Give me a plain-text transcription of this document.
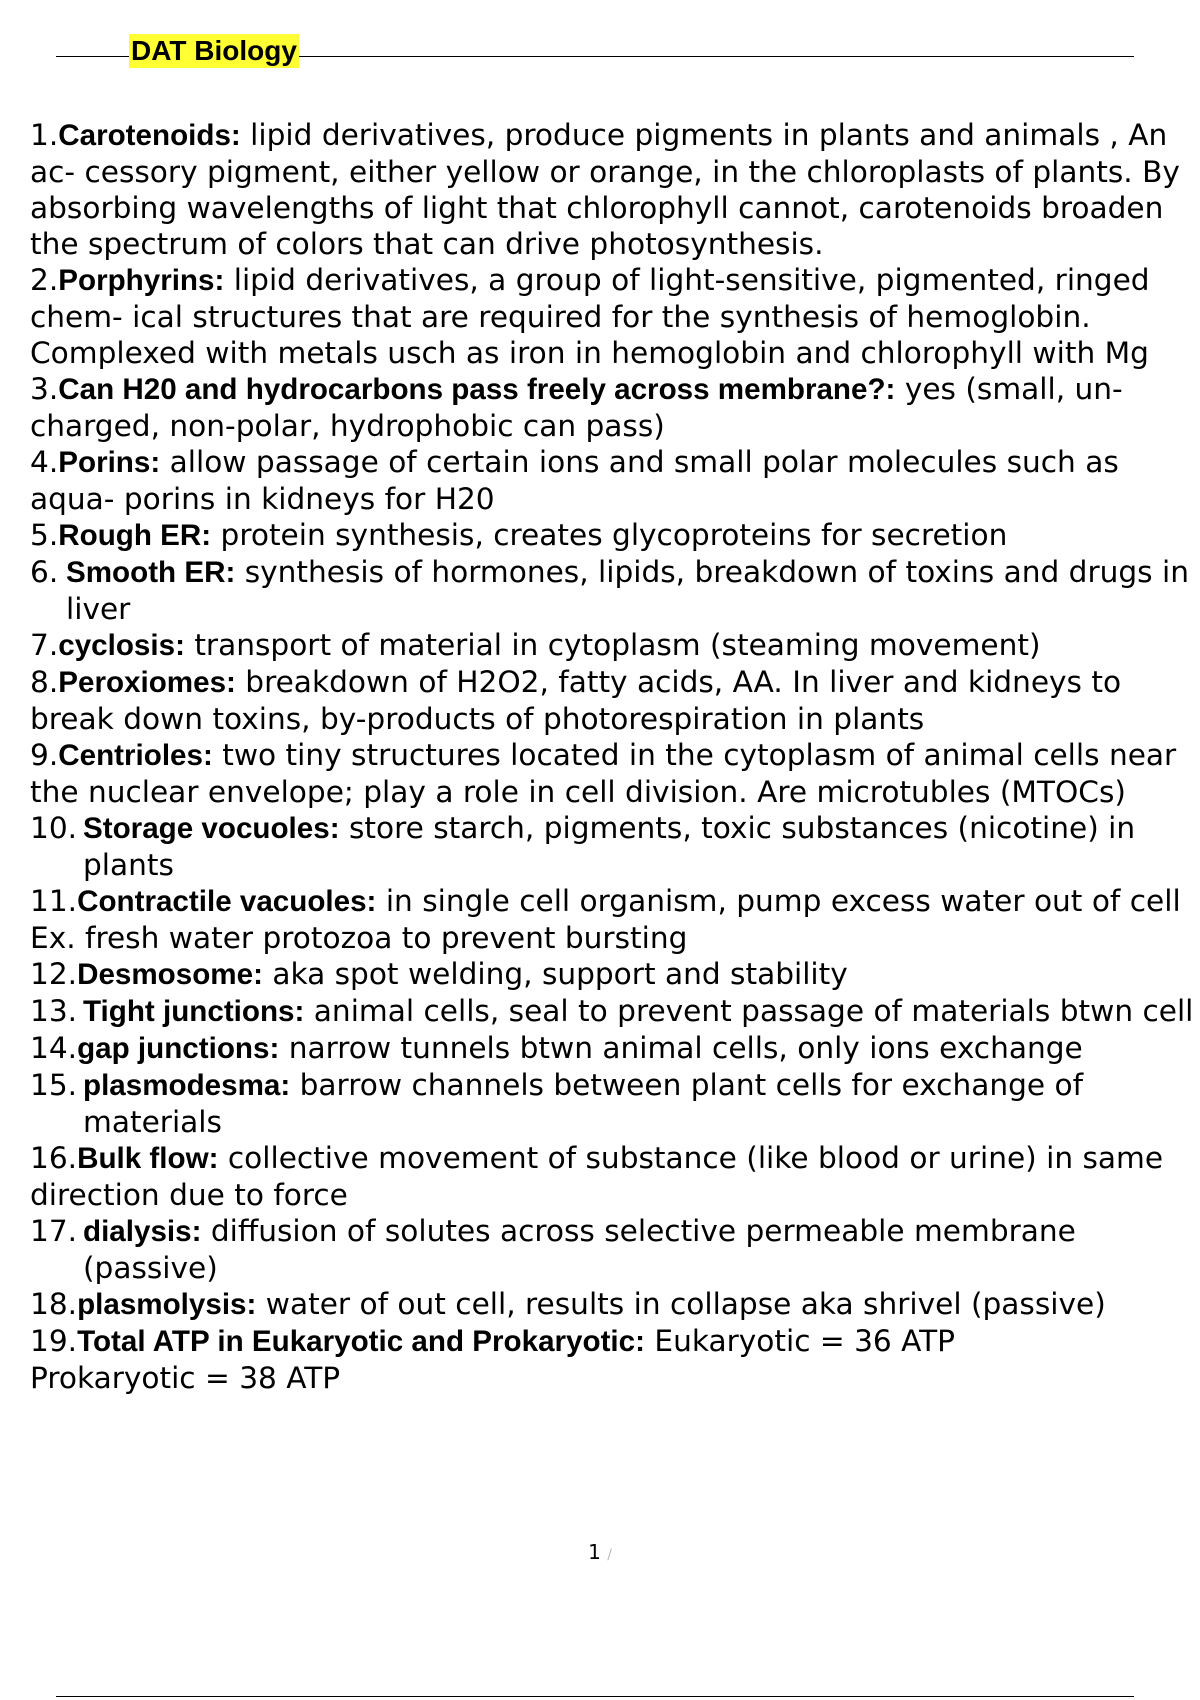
DAT Biology

1.Carotenoids: lipid derivatives, produce pigments in plants and animals , An ac- cessory pigment, either yellow or orange, in the chloroplasts of plants. By absorbing wavelengths of light that chlorophyll cannot, carotenoids broaden the spectrum of colors that can drive photosynthesis.

2.Porphyrins: lipid derivatives, a group of light-sensitive, pigmented, ringed chem- ical structures that are required for the synthesis of hemoglobin. Complexed with metals usch as iron in hemoglobin and chlorophyll with Mg

3.Can H20 and hydrocarbons pass freely across membrane?: yes (small, un- charged, non-polar, hydrophobic can pass)

4.Porins: allow passage of certain ions and small polar molecules such as aqua- porins in kidneys for H20

5.Rough ER: protein synthesis, creates glycoproteins for secretion

6. Smooth ER: synthesis of hormones, lipids, breakdown of toxins and drugs in liver

7.cyclosis: transport of material in cytoplasm (steaming movement)

8.Peroxiomes: breakdown of H2O2, fatty acids, AA. In liver and kidneys to break down toxins, by-products of photorespiration in plants

9.Centrioles: two tiny structures located in the cytoplasm of animal cells near the nuclear envelope; play a role in cell division. Are microtubles (MTOCs)

10. Storage vocuoles: store starch, pigments, toxic substances (nicotine) in plants

11.Contractile vacuoles: in single cell organism, pump excess water out of cell Ex. fresh water protozoa to prevent bursting

12.Desmosome: aka spot welding, support and stability

13. Tight junctions: animal cells, seal to prevent passage of materials btwn cell

14.gap junctions: narrow tunnels btwn animal cells, only ions exchange

15. plasmodesma: barrow channels between plant cells for exchange of materials

16.Bulk flow: collective movement of substance (like blood or urine) in same direction due to force

17. dialysis: diffusion of solutes across selective permeable membrane (passive)

18.plasmolysis: water of out cell, results in collapse aka shrivel (passive)

19.Total ATP in Eukaryotic and Prokaryotic: Eukaryotic = 36 ATP
Prokaryotic = 38 ATP

1 /
